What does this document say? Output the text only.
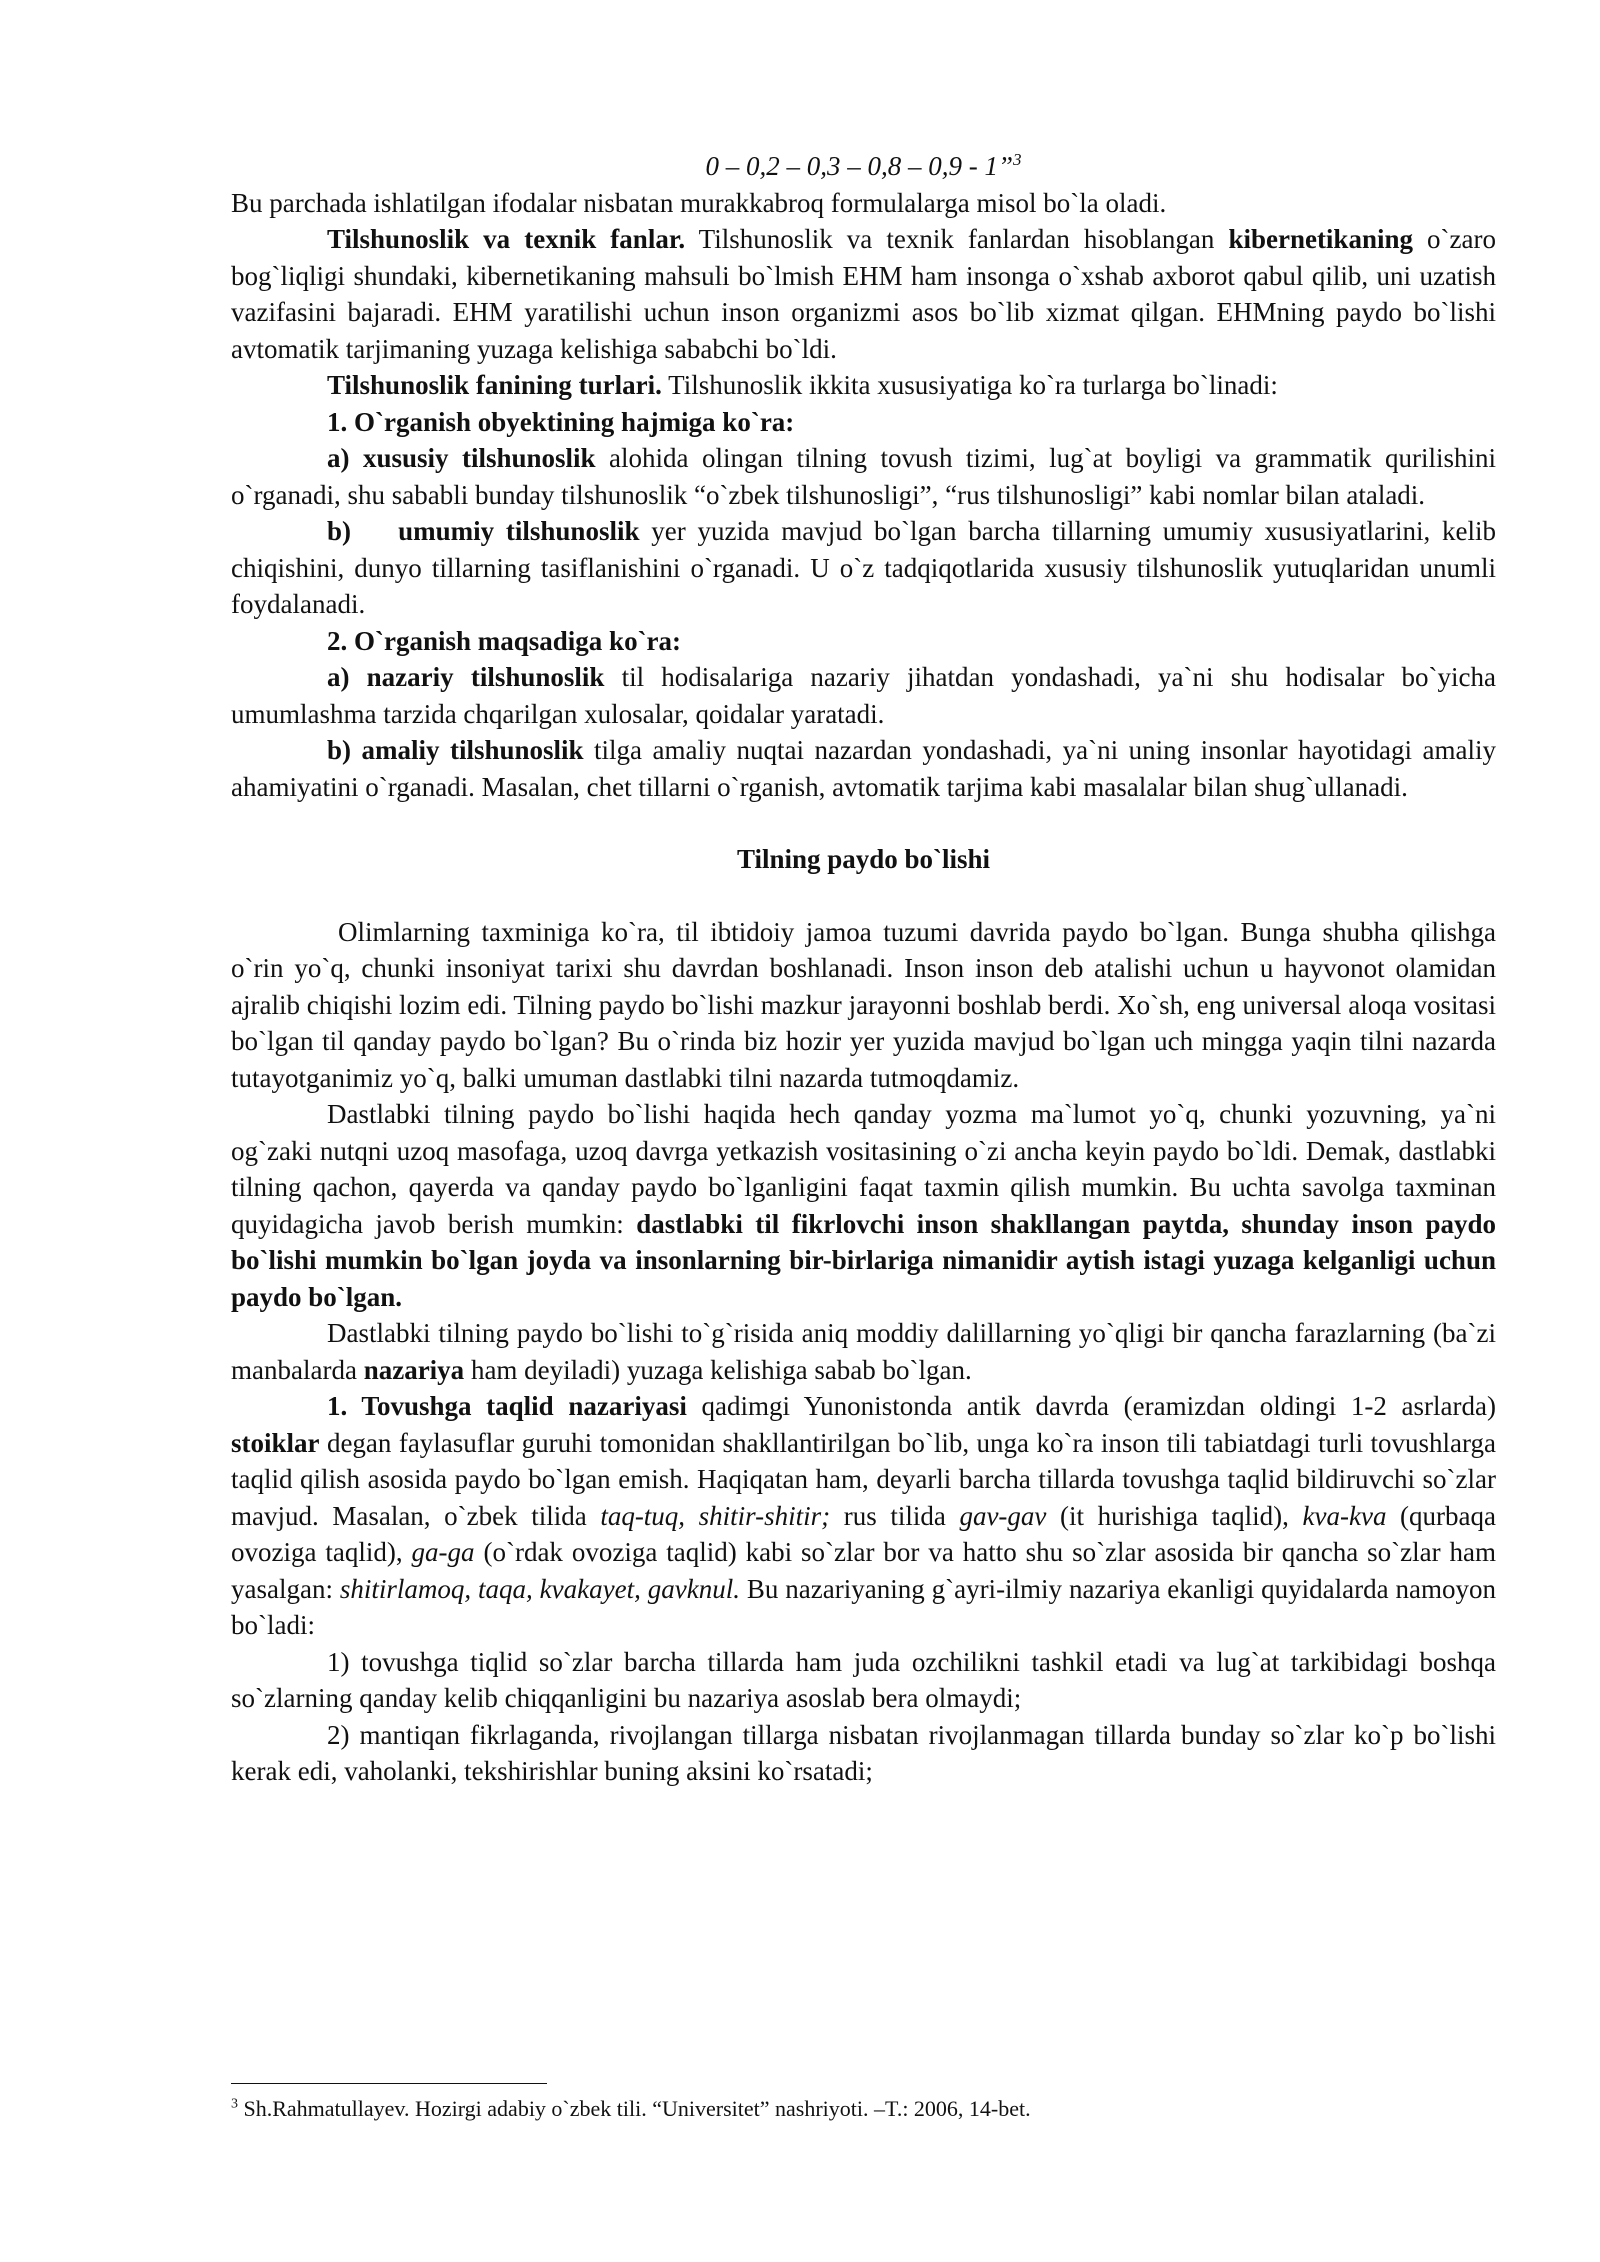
0 – 0,2 – 0,3 – 0,8 – 0,9 - 1”$^3$

Bu parchada ishlatilgan ifodalar nisbatan murakkabroq formulalarga misol bo`la oladi.

Tilshunoslik va texnik fanlar. Tilshunoslik va texnik fanlardan hisoblangan kibernetikaning o`zaro bog`liqligi shundaki, kibernetikaning mahsuli bo`lmish EHM ham insonga o`xshab axborot qabul qilib, uni uzatish vazifasini bajaradi. EHM yaratilishi uchun inson organizmi asos bo`lib xizmat qilgan. EHMning paydo bo`lishi avtomatik tarjimaning yuzaga kelishiga sababchi bo`ldi.

Tilshunoslik fanining turlari. Tilshunoslik ikkita xususiyatiga ko`ra turlarga bo`linadi:

1. O`rganish obyektining hajmiga ko`ra:

a) xususiy tilshunoslik alohida olingan tilning tovush tizimi, lug`at boyligi va grammatik qurilishini o`rganadi, shu sababli bunday tilshunoslik “o`zbek tilshunosligi”, “rus tilshunosligi” kabi nomlar bilan ataladi.

b)    umumiy tilshunoslik yer yuzida mavjud bo`lgan barcha tillarning umumiy xususiyatlarini, kelib chiqishini, dunyo tillarning tasiflanishini o`rganadi. U o`z tadqiqotlarida xususiy tilshunoslik yutuqlaridan unumli foydalanadi.

2. O`rganish maqsadiga ko`ra:

a) nazariy tilshunoslik til hodisalariga nazariy jihatdan yondashadi, ya`ni shu hodisalar bo`yicha umumlashma tarzida chqarilgan xulosalar, qoidalar yaratadi.

b) amaliy tilshunoslik tilga amaliy nuqtai nazardan yondashadi, ya`ni uning insonlar hayotidagi amaliy ahamiyatini o`rganadi. Masalan, chet tillarni o`rganish, avtomatik tarjima kabi masalalar bilan shug`ullanadi.

Tilning paydo bo`lishi

Olimlarning taxminiga ko`ra, til ibtidoiy jamoa tuzumi davrida paydo bo`lgan. Bunga shubha qilishga o`rin yo`q, chunki insoniyat tarixi shu davrdan boshlanadi. Inson inson deb atalishi uchun u hayvonot olamidan ajralib chiqishi lozim edi. Tilning paydo bo`lishi mazkur jarayonni boshlab berdi. Xo`sh, eng universal aloqa vositasi bo`lgan til qanday paydo bo`lgan? Bu o`rinda biz hozir yer yuzida mavjud bo`lgan uch mingga yaqin tilni nazarda tutayotganimiz yo`q, balki umuman dastlabki tilni nazarda tutmoqdamiz.

Dastlabki tilning paydo bo`lishi haqida hech qanday yozma ma`lumot yo`q, chunki yozuvning, ya`ni og`zaki nutqni uzoq masofaga, uzoq davrga yetkazish vositasining o`zi ancha keyin paydo bo`ldi. Demak, dastlabki tilning qachon, qayerda va qanday paydo bo`lganligini faqat taxmin qilish mumkin. Bu uchta savolga taxminan quyidagicha javob berish mumkin: dastlabki til fikrlovchi inson shakllangan paytda, shunday inson paydo bo`lishi mumkin bo`lgan joyda va insonlarning bir-birlariga nimanidir aytish istagi yuzaga kelganligi uchun paydo bo`lgan.

Dastlabki tilning paydo bo`lishi to`g`risida aniq moddiy dalillarning yo`qligi bir qancha farazlarning (ba`zi manbalarda nazariya ham deyiladi) yuzaga kelishiga sabab bo`lgan.

1. Tovushga taqlid nazariyasi qadimgi Yunonistonda antik davrda (eramizdan oldingi 1-2 asrlarda) stoiklar degan faylasuflar guruhi tomonidan shakllantirilgan bo`lib, unga ko`ra inson tili tabiatdagi turli tovushlarga taqlid qilish asosida paydo bo`lgan emish. Haqiqatan ham, deyarli barcha tillarda tovushga taqlid bildiruvchi so`zlar mavjud. Masalan, o`zbek tilida taq-tuq, shitir-shitir; rus tilida gav-gav (it hurishiga taqlid), kva-kva (qurbaqa ovoziga taqlid), ga-ga (o`rdak ovoziga taqlid) kabi so`zlar bor va hatto shu so`zlar asosida bir qancha so`zlar ham yasalgan: shitirlamoq, taqa, kvakayet, gavknul. Bu nazariyaning g`ayri-ilmiy nazariya ekanligi quyidalarda namoyon bo`ladi:

1) tovushga tiqlid so`zlar barcha tillarda ham juda ozchilikni tashkil etadi va lug`at tarkibidagi boshqa so`zlarning qanday kelib chiqqanligini bu nazariya asoslab bera olmaydi;

2) mantiqan fikrlaganda, rivojlangan tillarga nisbatan rivojlanmagan tillarda bunday so`zlar ko`p bo`lishi kerak edi, vaholanki, tekshirishlar buning aksini ko`rsatadi;

$^3$ Sh.Rahmatullayev. Hozirgi adabiy o`zbek tili. “Universitet” nashriyoti. –T.: 2006, 14-bet.
